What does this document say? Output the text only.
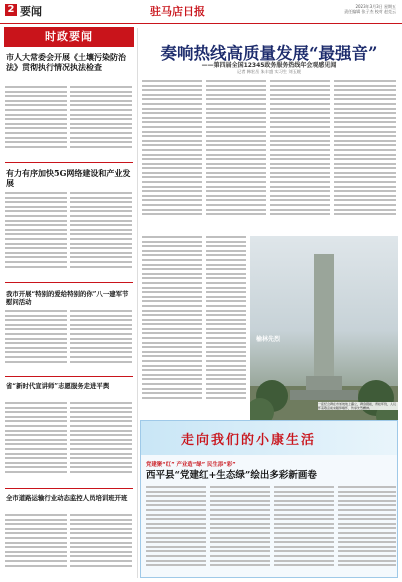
2 要闻	驻马店日报	2023年3月3日 星期五
责任编辑 张子杰 校对 赵克云
时政要闻
市人大常委会开展《土壤污染防治法》贯彻执行情况执法检查
有力有序加快5G网络建设和产业发展
我市开展“特别的爱给特别的你”八一建军节慰问活动
省“新时代宣讲师”志愿服务走进平舆
全市道路运输行业动态监控人员培训班开班
奏响热线高质量发展“最强音”
——第四届全国12345政务服务热线年会观感见闻
记者 韩宏岳 朱丰盛 实习生 刘玉媛
榆林先烈
一座纪念碑在市郊坡地上矗立，碑身挺拔，青松环绕，人们怀着敬意前来瞻仰缅怀，传承先烈精神。
走向我们的小康生活
党建聚“红” 产业造“绿” 民生添“彩”
西平县“党建红+生态绿”绘出多彩新画卷
